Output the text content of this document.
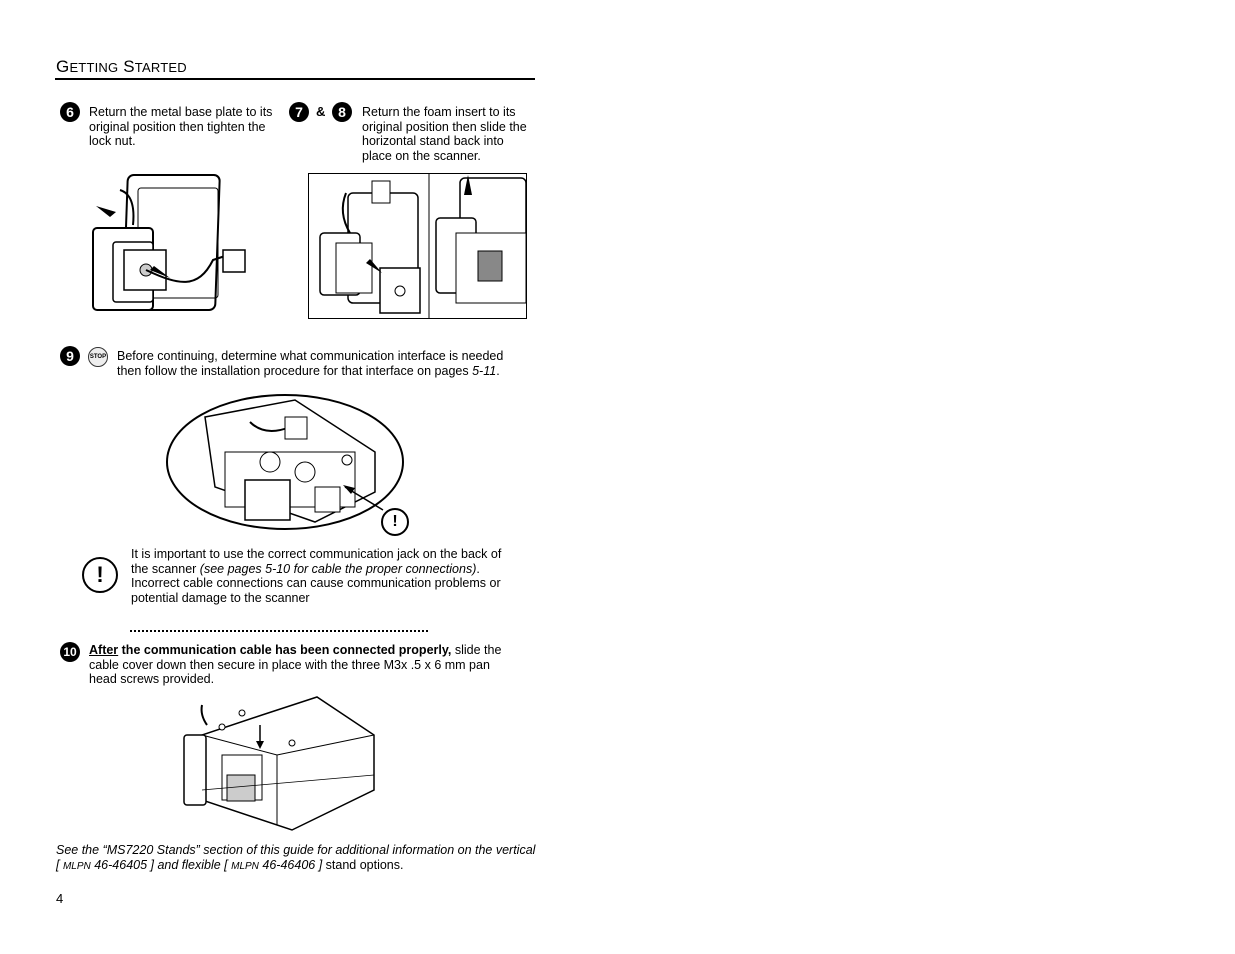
GETTING STARTED
6	Return the metal base plate to its original position then tighten the lock nut.
7	& 8	Return the foam insert to its original position then slide the horizontal stand back into place on the scanner.
9	STOP Before continuing, determine what communication interface is needed then follow the installation procedure for that interface on pages 5-11.
!
!
It is important to use the correct communication jack on the back of the scanner (see pages 5-10 for cable the proper connections). Incorrect cable connections can cause communication problems or potential damage to the scanner
10 After the communication cable has been connected properly, slide the cable cover down then secure in place with the three M3x .5 x 6 mm pan head screws provided.
See the “MS7220 Stands” section of this guide for additional information on the vertical [ MLPN 46-46405 ] and flexible [ MLPN 46-46406 ] stand options.
4
